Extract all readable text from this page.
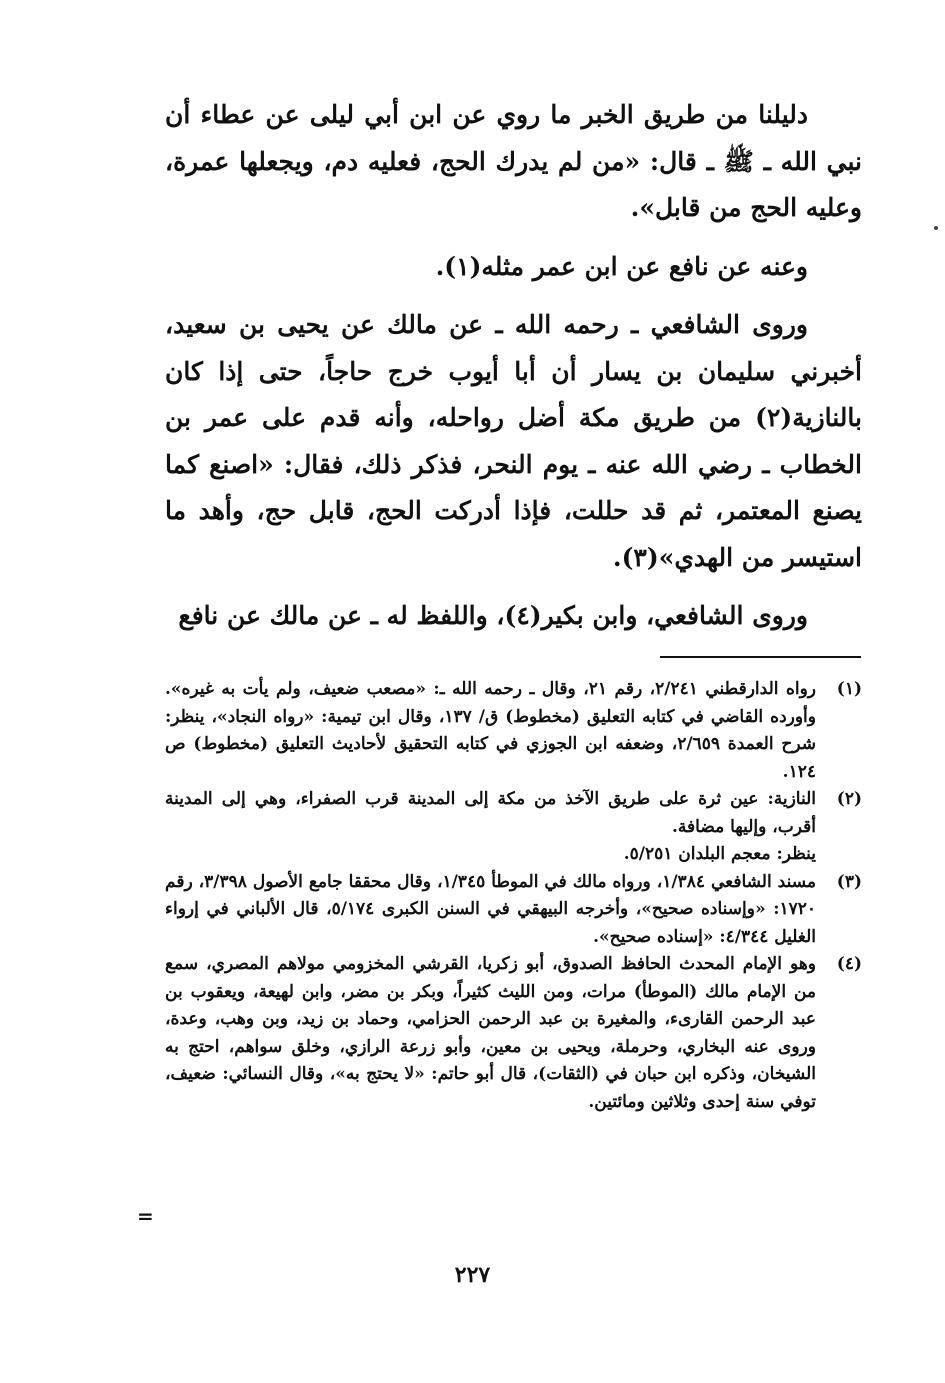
دليلنا من طريق الخبر ما روي عن ابن أبي ليلى عن عطاء أن نبي الله ـ ﷺ ـ قال: «من لم يدرك الحج، فعليه دم، ويجعلها عمرة، وعليه الحج من قابل».

وعنه عن نافع عن ابن عمر مثله(١).

وروى الشافعي ـ رحمه الله ـ عن مالك عن يحيى بن سعيد، أخبرني سليمان بن يسار أن أبا أيوب خرج حاجاً، حتى إذا كان بالنازية(٢) من طريق مكة أضل رواحله، وأنه قدم على عمر بن الخطاب ـ رضي الله عنه ـ يوم النحر، فذكر ذلك، فقال: «اصنع كما يصنع المعتمر، ثم قد حللت، فإذا أدركت الحج، قابل حج، وأهد ما استيسر من الهدي»(٣).

وروى الشافعي، وابن بكير(٤)، واللفظ له ـ عن مالك عن نافع

(١)
رواه الدارقطني ٢/٢٤١، رقم ٢١، وقال ـ رحمه الله ـ: «مصعب ضعيف، ولم يأت به غيره». وأورده القاضي في كتابه التعليق (مخطوط) ق/ ١٣٧، وقال ابن تيمية: «رواه النجاد»، ينظر: شرح العمدة ٢/٦٥٩، وضعفه ابن الجوزي في كتابه التحقيق لأحاديث التعليق (مخطوط) ص ١٢٤.
(٢)
النازية: عين ثرة على طريق الآخذ من مكة إلى المدينة قرب الصفراء، وهي إلى المدينة أقرب، وإليها مضافة.
ينظر: معجم البلدان ٥/٢٥١.
(٣)
مسند الشافعي ١/٣٨٤، ورواه مالك في الموطأ ١/٣٤٥، وقال محققا جامع الأصول ٣/٣٩٨، رقم ١٧٢٠: «وإسناده صحيح»، وأخرجه البيهقي في السنن الكبرى ٥/١٧٤، قال الألباني في إرواء الغليل ٤/٣٤٤: «إسناده صحيح».
(٤)
وهو الإمام المحدث الحافظ الصدوق، أبو زكريا، القرشي المخزومي مولاهم المصري، سمع من الإمام مالك (الموطأ) مرات، ومن الليث كثيراً، وبكر بن مضر، وابن لهيعة، ويعقوب بن عبد الرحمن القارىء، والمغيرة بن عبد الرحمن الحزامي، وحماد بن زيد، وبن وهب، وعدة، وروى عنه البخاري، وحرملة، ويحيى بن معين، وأبو زرعة الرازي، وخلق سواهم، احتج به الشيخان، وذكره ابن حبان في (الثقات)، قال أبو حاتم: «لا يحتج به»، وقال النسائي: ضعيف، توفي سنة إحدى وثلاثين ومائتين.
=
٢٢٧
